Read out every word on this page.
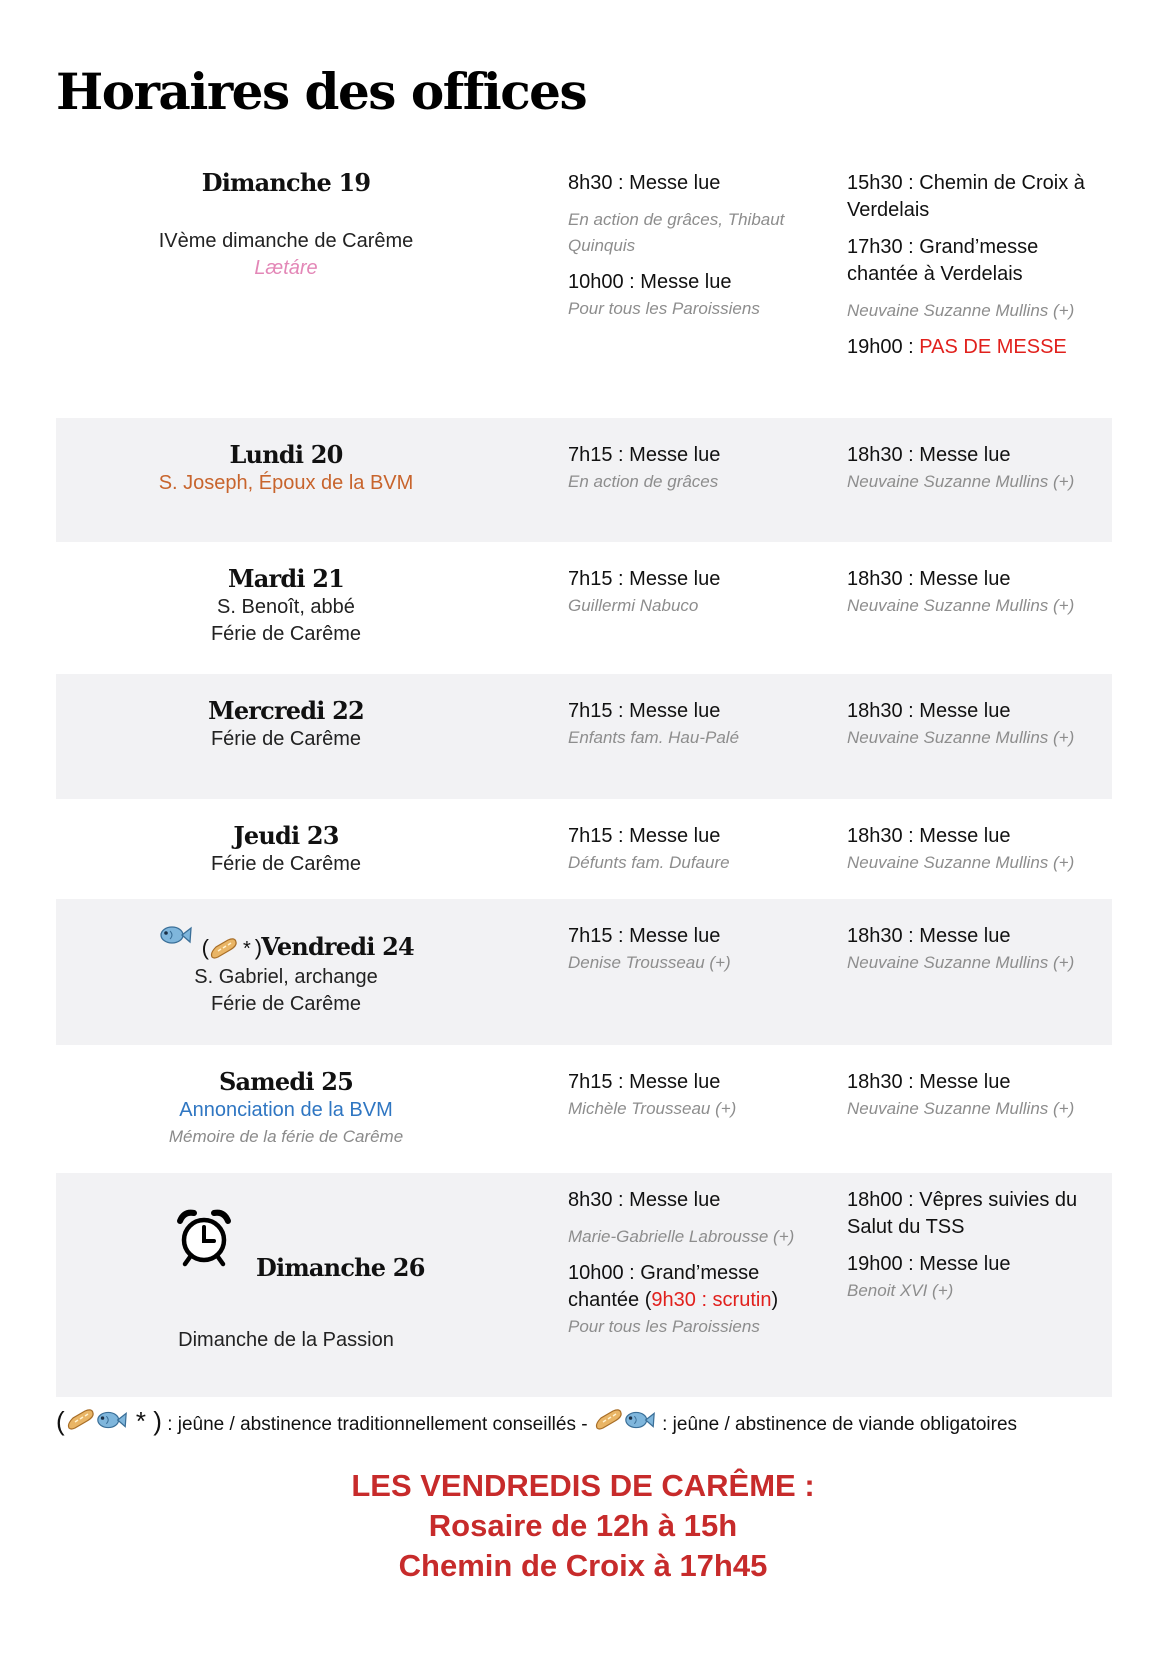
Horaires des offices
Dimanche 19
IVème dimanche de Carême
Lætáre
8h30 : Messe lue
En action de grâces, Thibaut Quinquis
10h00 : Messe lue
Pour tous les Paroissiens
15h30 : Chemin de Croix à Verdelais
17h30 : Grand’messe chantée à Verdelais
Neuvaine Suzanne Mullins (+)
19h00 : PAS DE MESSE
Lundi 20
S. Joseph, Époux de la BVM
7h15 : Messe lue
En action de grâces
18h30 : Messe lue
Neuvaine Suzanne Mullins (+)
Mardi 21
S. Benoît, abbé
Férie de Carême
7h15 : Messe lue
Guillermi Nabuco
18h30 : Messe lue
Neuvaine Suzanne Mullins (+)
Mercredi 22
Férie de Carême
7h15 : Messe lue
Enfants fam. Hau-Palé
18h30 : Messe lue
Neuvaine Suzanne Mullins (+)
Jeudi 23
Férie de Carême
7h15 : Messe lue
Défunts fam. Dufaure
18h30 : Messe lue
Neuvaine Suzanne Mullins (+)
( * )Vendredi 24
S. Gabriel, archange
Férie de Carême
7h15 : Messe lue
Denise Trousseau (+)
18h30 : Messe lue
Neuvaine Suzanne Mullins (+)
Samedi 25
Annonciation de la BVM
Mémoire de la férie de Carême
7h15 : Messe lue
Michèle Trousseau (+)
18h30 : Messe lue
Neuvaine Suzanne Mullins (+)
Dimanche 26
Dimanche de la Passion
8h30 : Messe lue
Marie-Gabrielle Labrousse (+)
10h00 : Grand’messe chantée (9h30 : scrutin)
Pour tous les Paroissiens
18h00 : Vêpres suivies du Salut du TSS
19h00 : Messe lue
Benoit XVI (+)
( * ) : jeûne / abstinence traditionnellement conseillés -	: jeûne / abstinence de viande obligatoires
LES VENDREDIS DE CARÊME :
Rosaire de 12h à 15h
Chemin de Croix à 17h45
